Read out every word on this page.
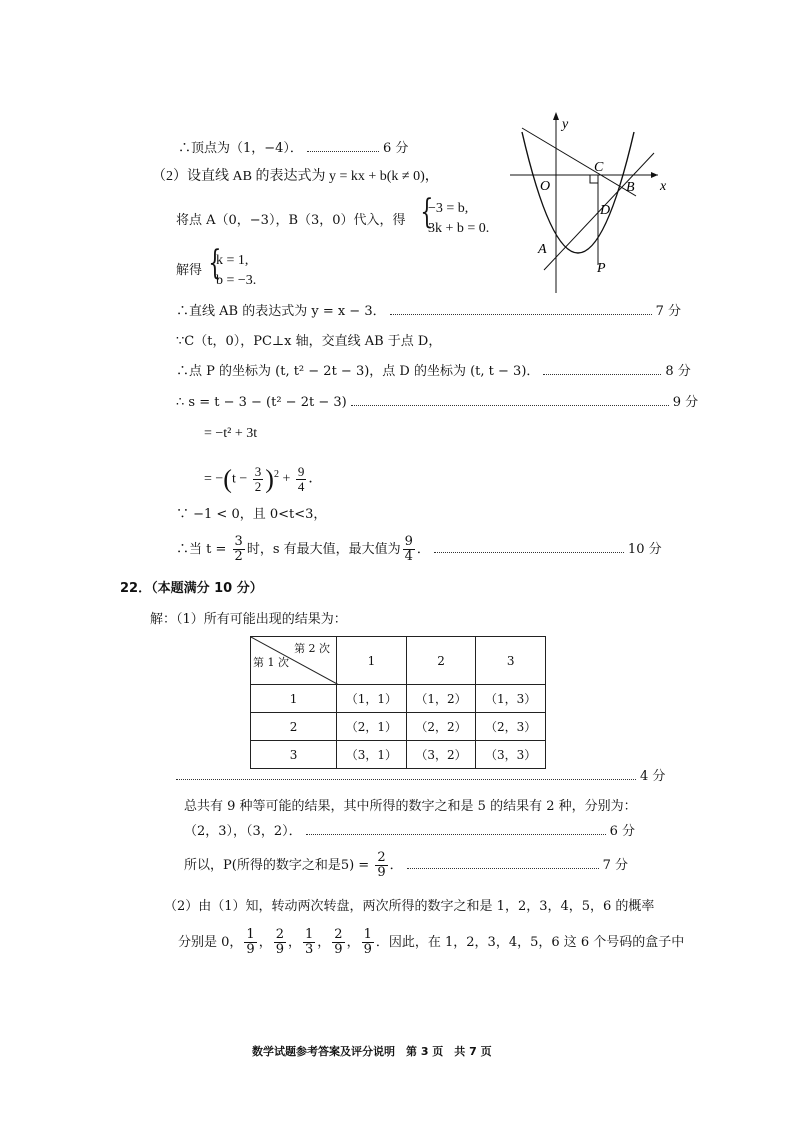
y
x
O
C
B
D
A
P
∴顶点为（1，−4）．	6 分
（2）设直线 AB 的表达式为 y = kx + b(k ≠ 0)，
将点 A（0，−3），B（3，0）代入，得 {
−3 = b,
3k + b = 0.
解得 {
k = 1,
b = −3.
∴直线 AB 的表达式为 y = x − 3．	7 分
∵C（t，0），PC⊥x 轴，交直线 AB 于点 D，
∴点 P 的坐标为 (t, t² − 2t − 3)，点 D 的坐标为 (t, t − 3)．	8 分
∴ s = t − 3 − (t² − 2t − 3)	9 分
= −t² + 3t
= $-(t - \frac{3}{2} )^2 + \frac{9}{4}$ ．
∵ −1 < 0，且 0<t<3，
∴当 $t = \frac{3}{2}$ 时，s 有最大值，最大值为 $\frac{9}{4}$ ．	10 分
22．（本题满分 10 分）
解：（1）所有可能出现的结果为：
第 2 次
第 1 次	1	2	3
1	（1，1）	（1，2）	（1，3）
2	（2，1）	（2，2）	（2，3）
3	（3，1）	（3，2）	（3，3）
4 分
总共有 9 种等可能的结果，其中所得的数字之和是 5 的结果有 2 种，分别为：
（2，3），（3，2）．	6 分
所以，P(所得的数字之和是$5) = \frac{2}{9}$ ．	7 分
（2）由（1）知，转动两次转盘，两次所得的数字之和是 1，2，3，4，5，6 的概率
分别是 0， $\frac{1}{9}$ ， $\frac{2}{9}$ ， $\frac{1}{3}$ ， $\frac{2}{9}$ ， $\frac{1}{9}$ ．因此，在 1，2，3，4，5，6 这 6 个号码的盒子中
数学试题参考答案及评分说明　第 3 页　共 7 页
